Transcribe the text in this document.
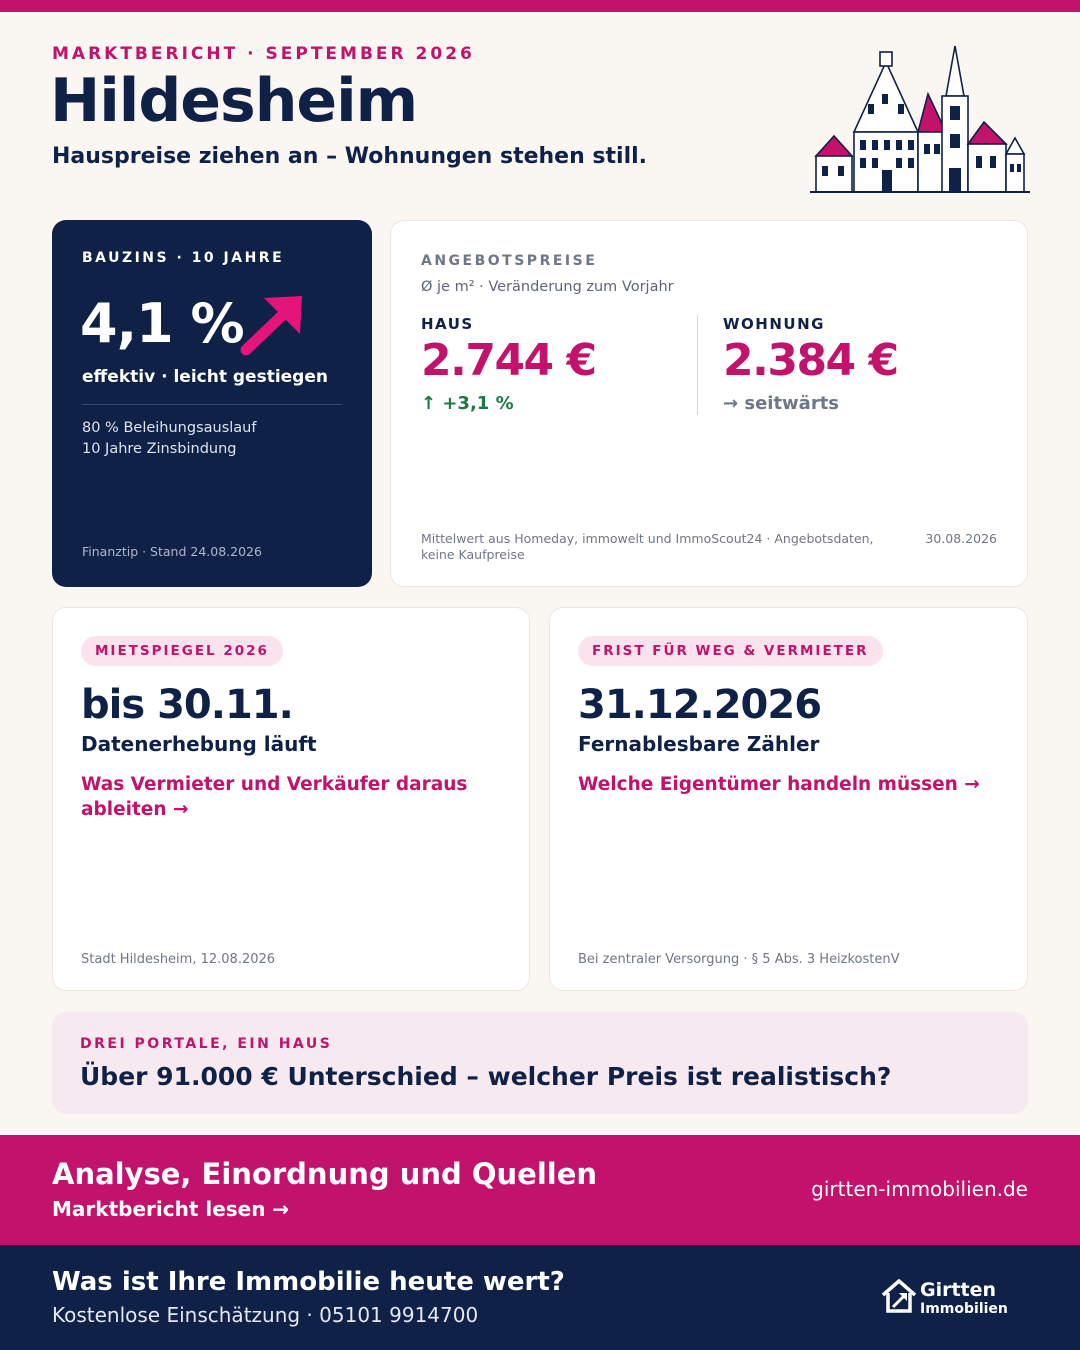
MARKTBERICHT · SEPTEMBER 2026
Hildesheim
Hauspreise ziehen an – Wohnungen stehen still.
BAUZINS · 10 JAHRE
4,1 %
effektiv · leicht gestiegen
80 % Beleihungsauslauf
10 Jahre Zinsbindung
Finanztip · Stand 24.08.2026
ANGEBOTSPREISE
Ø je m² · Veränderung zum Vorjahr
HAUS
2.744 €
↑ +3,1 %
WOHNUNG
2.384 €
→ seitwärts
Mittelwert aus Homeday, immowelt und ImmoScout24 · Angebotsdaten, keine Kaufpreise
30.08.2026
MIETSPIEGEL 2026
bis 30.11.
Datenerhebung läuft
Was Vermieter und Verkäufer daraus ableiten →
Stadt Hildesheim, 12.08.2026
FRIST FÜR WEG & VERMIETER
31.12.2026
Fernablesbare Zähler
Welche Eigentümer handeln müssen →
Bei zentraler Versorgung · § 5 Abs. 3 HeizkostenV
DREI PORTALE, EIN HAUS
Über 91.000 € Unterschied – welcher Preis ist realistisch?
Analyse, Einordnung und Quellen
Marktbericht lesen →
girtten-immobilien.de
Was ist Ihre Immobilie heute wert?
Kostenlose Einschätzung · 05101 9914700
Girtten
Immobilien
